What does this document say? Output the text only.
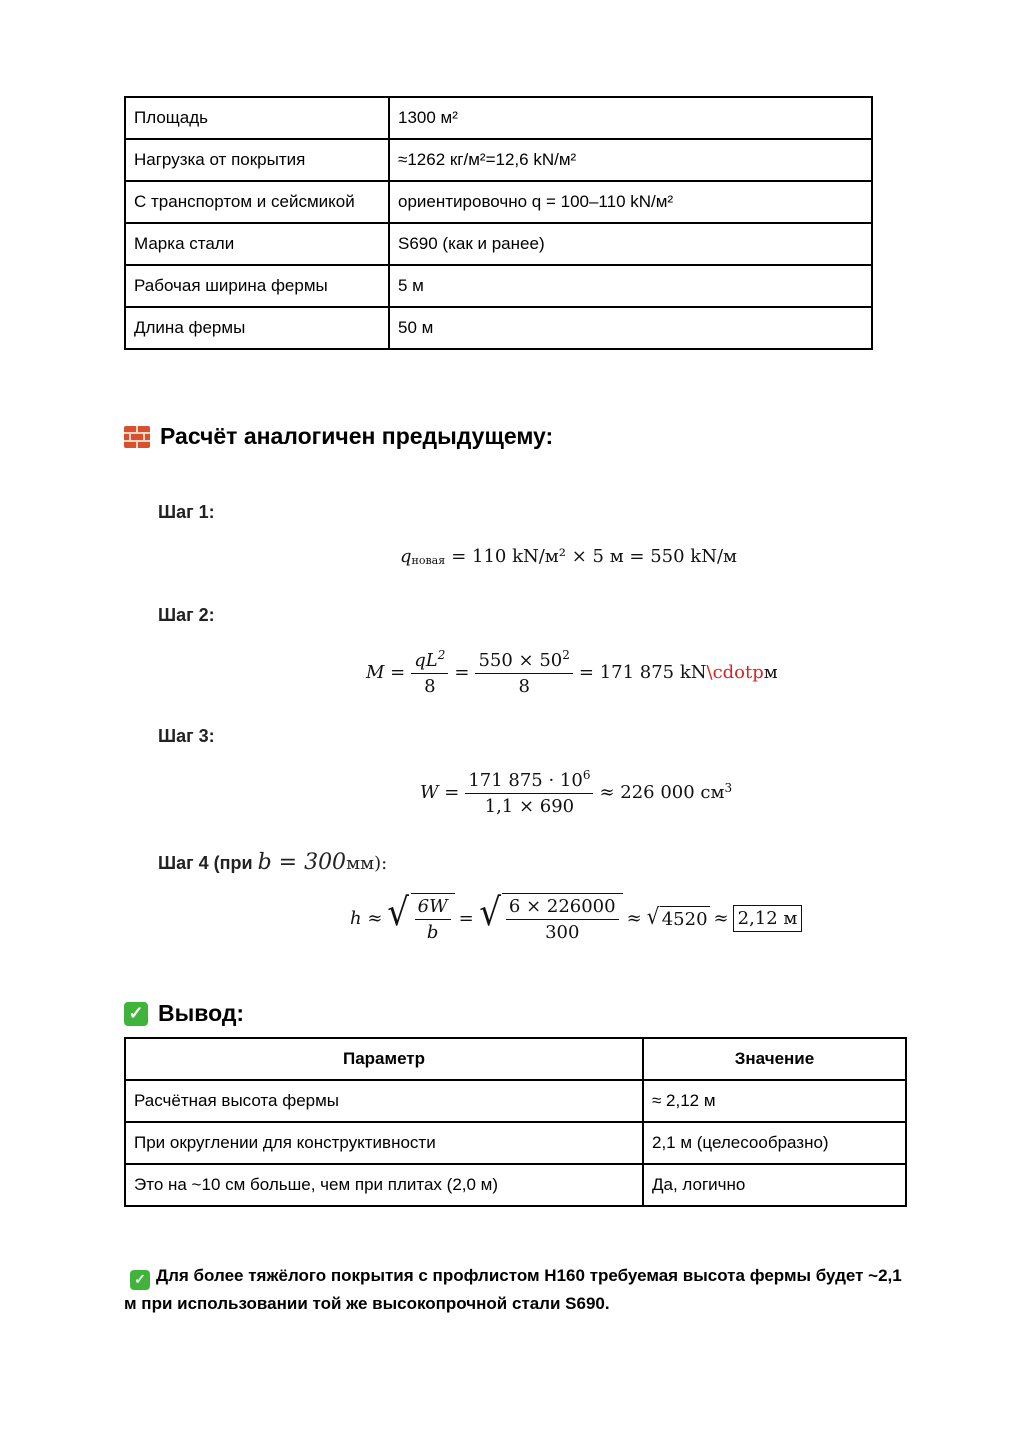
Площадь	1300 м²
Нагрузка от покрытия	≈1262 кг/м²=12,6 kN/м²
С транспортом и сейсмикой	ориентировочно q = 100–110 kN/м²
Марка стали	S690 (как и ранее)
Рабочая ширина фермы	5 м
Длина фермы	50 м
Расчёт аналогичен предыдущему:
Шаг 1:
$q_{новая} = 110$ kN/м² × 5 м = 550 kN/м
Шаг 2:
$M = \frac{qL^2}{8} = \frac{550 \times 50^2}{8} = 171$ 875 kN \cdotp м
Шаг 3:
$W = \frac{171 875 \cdot 10^6}{1,1 \times 690} \approx 226$ 000 $см^3$
Шаг 4 (при
b = 300 мм):
h ≈ √ $\frac{6W}{b}$ = √ $\frac{6 \times 226000}{300}$ ≈ √ 4520 ≈ 2,12 м
✓ Вывод:
Параметр	Значение
Расчётная высота фермы	≈ 2,12 м
При округлении для конструктивности	2,1 м (целесообразно)
Это на ~10 см больше, чем при плитах (2,0 м)	Да, логично
✓ Для более тяжёлого покрытия с профлистом Н160 требуемая высота фермы будет ~2,1 м при использовании той же высокопрочной стали S690.
